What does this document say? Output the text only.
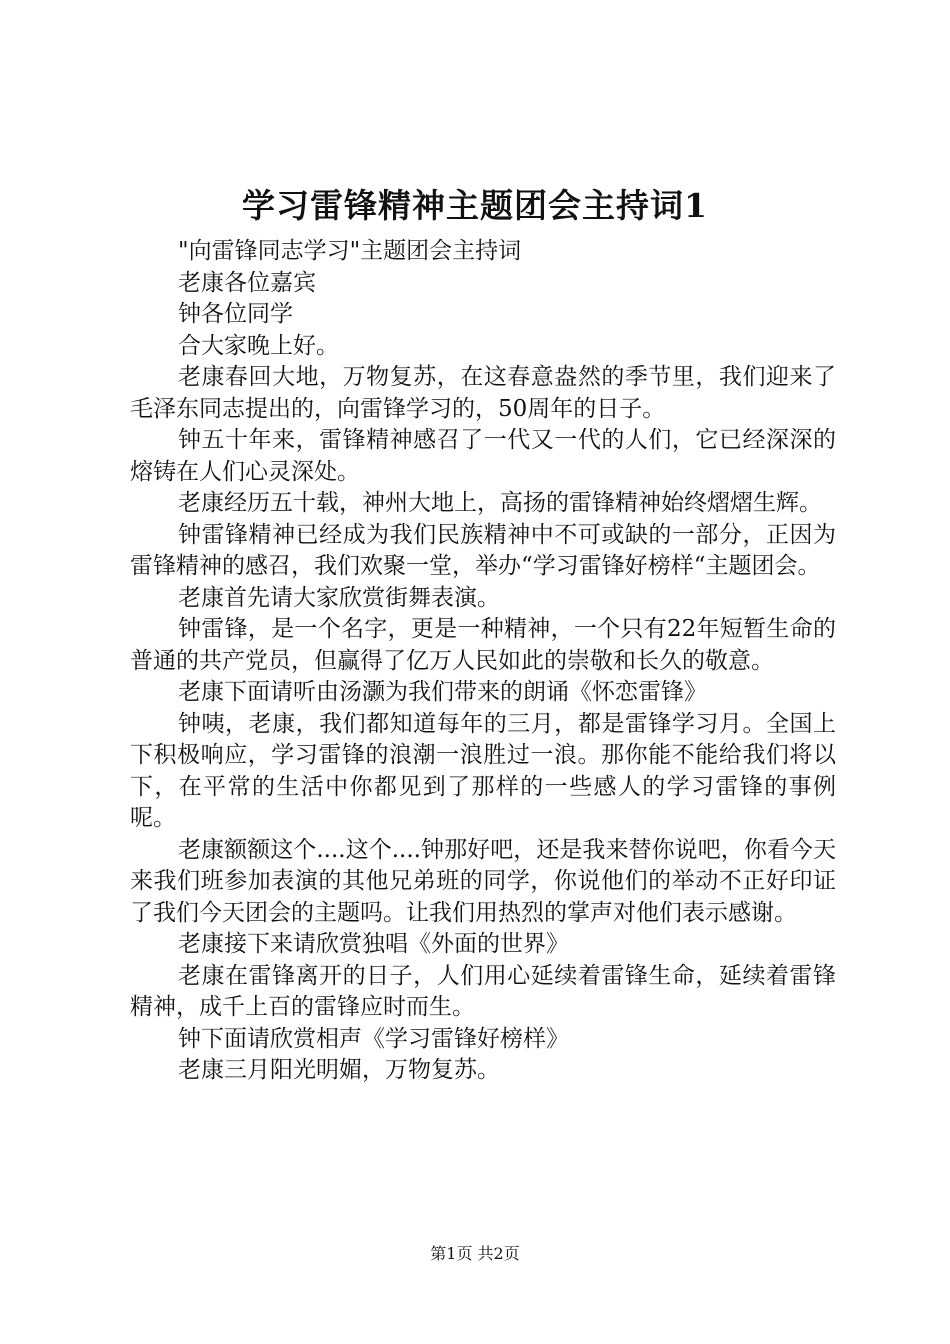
学习雷锋精神主题团会主持词1

"向雷锋同志学习"主题团会主持词

老康各位嘉宾

钟各位同学

合大家晚上好。

老康春回大地，万物复苏，在这春意盎然的季节里，我们迎来了毛泽东同志提出的，向雷锋学习的，50周年的日子。

钟五十年来，雷锋精神感召了一代又一代的人们，它已经深深的熔铸在人们心灵深处。

老康经历五十载，神州大地上，高扬的雷锋精神始终熠熠生辉。

钟雷锋精神已经成为我们民族精神中不可或缺的一部分，正因为雷锋精神的感召，我们欢聚一堂，举办“学习雷锋好榜样“主题团会。

老康首先请大家欣赏街舞表演。

钟雷锋，是一个名字，更是一种精神，一个只有22年短暂生命的普通的共产党员，但赢得了亿万人民如此的崇敬和长久的敬意。

老康下面请听由汤灏为我们带来的朗诵《怀恋雷锋》

钟咦，老康，我们都知道每年的三月，都是雷锋学习月。全国上下积极响应，学习雷锋的浪潮一浪胜过一浪。那你能不能给我们将以下，在平常的生活中你都见到了那样的一些感人的学习雷锋的事例呢。

老康额额这个....这个....钟那好吧，还是我来替你说吧，你看今天来我们班参加表演的其他兄弟班的同学，你说他们的举动不正好印证了我们今天团会的主题吗。让我们用热烈的掌声对他们表示感谢。

老康接下来请欣赏独唱《外面的世界》

老康在雷锋离开的日子，人们用心延续着雷锋生命，延续着雷锋精神，成千上百的雷锋应时而生。

钟下面请欣赏相声《学习雷锋好榜样》

老康三月阳光明媚，万物复苏。

第1页 共2页
